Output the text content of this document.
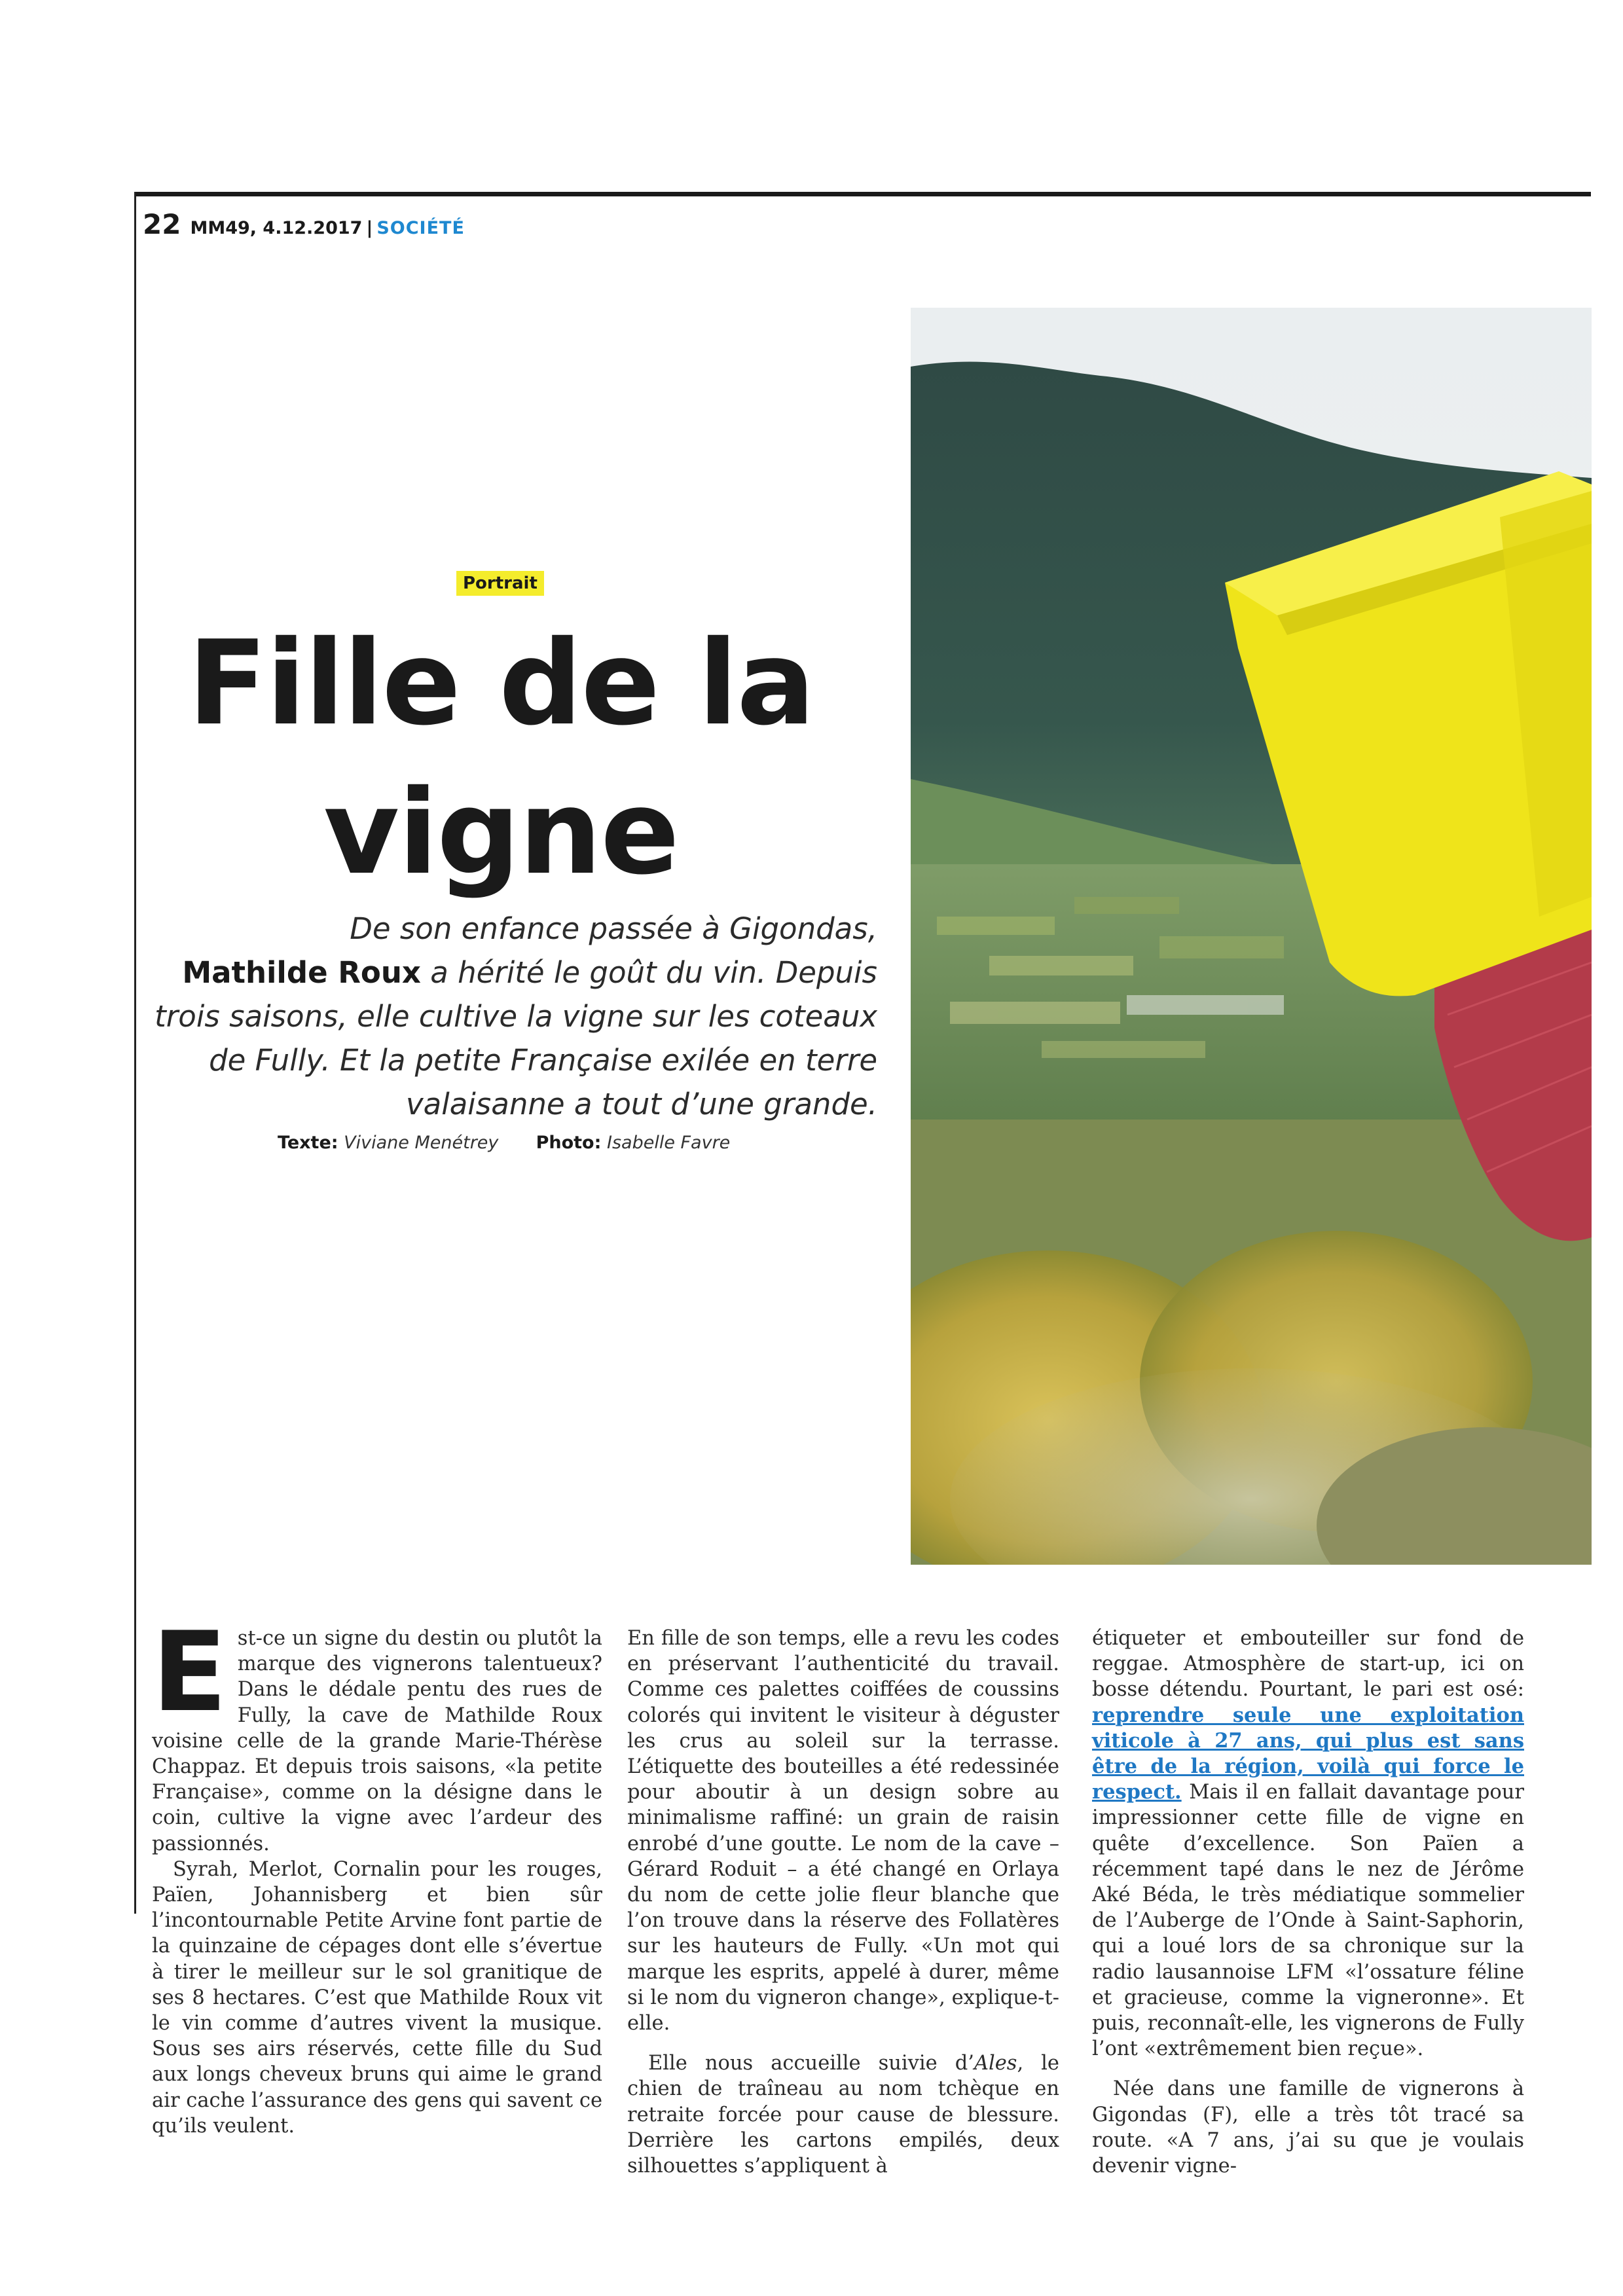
22 MM49, 4.12.2017 | SOCIÉTÉ
Portrait
Fille de la
vigne
De son enfance passée à Gigondas,
Mathilde Roux a hérité le goût du vin. Depuis trois saisons, elle cultive la vigne sur les coteaux de Fully. Et la petite Française exilée en terre valaisanne a tout d’une grande.
Texte: Viviane Menétrey Photo: Isabelle Favre
E st-ce un signe du destin ou plutôt la marque des vignerons talentueux? Dans le dédale pentu des rues de Fully, la cave de Mathilde Roux voisine celle de la grande Marie-Thérèse Chappaz. Et depuis trois saisons, «la petite Française», comme on la désigne dans le coin, cultive la vigne avec l’ardeur des passionnés.

Syrah, Merlot, Cornalin pour les rouges, Païen, Johannisberg et bien sûr l’incontournable Petite Arvine font partie de la quinzaine de cépages dont elle s’évertue à tirer le meilleur sur le sol granitique de ses 8 hectares. C’est que Mathilde Roux vit le vin comme d’autres vivent la musique. Sous ses airs réservés, cette fille du Sud aux longs cheveux bruns qui aime le grand air cache l’assurance des gens qui savent ce qu’ils veulent.

En fille de son temps, elle a revu les codes en préservant l’authenticité du travail. Comme ces palettes coiffées de coussins colorés qui invitent le visiteur à déguster les crus au soleil sur la terrasse. L’étiquette des bouteilles a été redessinée pour aboutir à un design sobre au minimalisme raffiné: un grain de raisin enrobé d’une goutte. Le nom de la cave – Gérard Roduit – a été changé en Orlaya du nom de cette jolie fleur blanche que l’on trouve dans la réserve des Follatères sur les hauteurs de Fully. «Un mot qui marque les esprits, appelé à durer, même si le nom du vigneron change», explique-t-elle.

Elle nous accueille suivie d’Ales, le chien de traîneau au nom tchèque en retraite forcée pour cause de blessure. Derrière les cartons empilés, deux silhouettes s’appliquent à

étiqueter et embouteiller sur fond de reggae. Atmosphère de start-up, ici on bosse détendu. Pourtant, le pari est osé: reprendre seule une exploitation viticole à 27 ans, qui plus est sans être de la région, voilà qui force le respect. Mais il en fallait davantage pour impressionner cette fille de vigne en quête d’excellence. Son Païen a récemment tapé dans le nez de Jérôme Aké Béda, le très médiatique sommelier de l’Auberge de l’Onde à Saint-Saphorin, qui a loué lors de sa chronique sur la radio lausannoise LFM «l’ossature féline et gracieuse, comme la vigneronne». Et puis, reconnaît-elle, les vignerons de Fully l’ont «extrêmement bien reçue».

Née dans une famille de vignerons à Gigondas (F), elle a très tôt tracé sa route. «A 7 ans, j’ai su que je voulais devenir vigne-
